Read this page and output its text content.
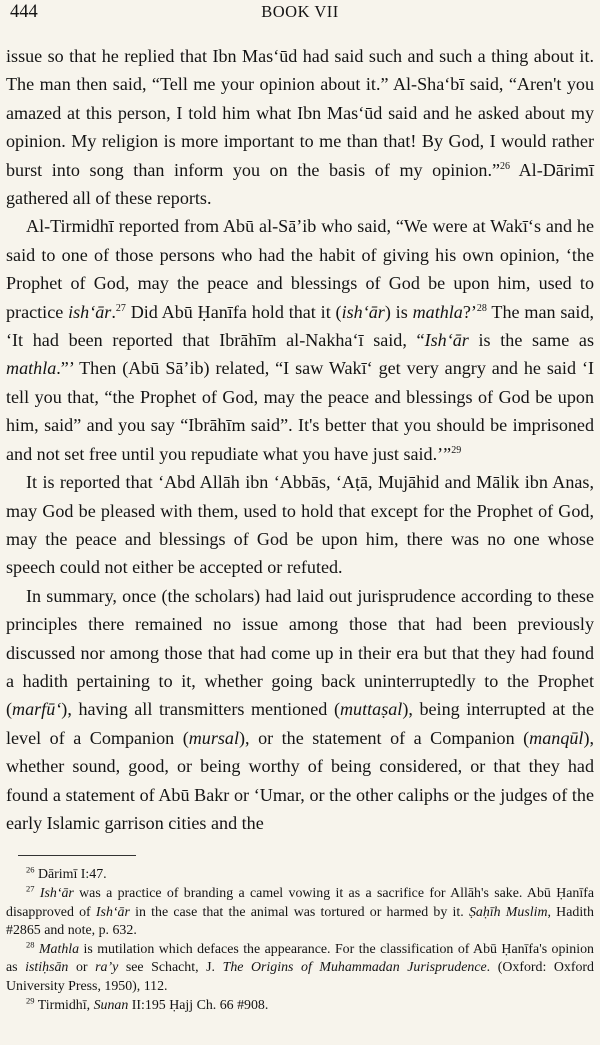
444	BOOK VII

issue so that he replied that Ibn Mas‘ūd had said such and such a thing about it. The man then said, “Tell me your opinion about it.” Al-Sha‘bī said, “Aren't you amazed at this person, I told him what Ibn Mas‘ūd said and he asked about my opinion. My religion is more important to me than that! By God, I would rather burst into song than inform you on the basis of my opinion.”$^{26}$ Al-Dārimī gathered all of these reports.

Al-Tirmidhī reported from Abū al-Sā’ib who said, “We were at Wakī‘s and he said to one of those persons who had the habit of giving his own opinion, ‘the Prophet of God, may the peace and blessings of God be upon him, used to practice ish‘ār.$^{27}$ Did Abū Ḥanīfa hold that it (ish‘ār) is mathla?’$^{28}$ The man said, ‘It had been reported that Ibrāhīm al-Nakha‘ī said, “Ish‘ār is the same as mathla.”’ Then (Abū Sā’ib) related, “I saw Wakī‘ get very angry and he said ‘I tell you that, “the Prophet of God, may the peace and blessings of God be upon him, said” and you say “Ibrāhīm said”. It's better that you should be imprisoned and not set free until you repudiate what you have just said.’”$^{29}$

It is reported that ‘Abd Allāh ibn ‘Abbās, ‘Aṭā, Mujāhid and Mālik ibn Anas, may God be pleased with them, used to hold that except for the Prophet of God, may the peace and blessings of God be upon him, there was no one whose speech could not either be accepted or refuted.

In summary, once (the scholars) had laid out jurisprudence according to these principles there remained no issue among those that had been previously discussed nor among those that had come up in their era but that they had found a hadith pertaining to it, whether going back uninterruptedly to the Prophet (marfū‘), having all transmitters mentioned (muttaṣal), being interrupted at the level of a Companion (mursal), or the statement of a Companion (manqūl), whether sound, good, or being worthy of being considered, or that they had found a statement of Abū Bakr or ‘Umar, or the other caliphs or the judges of the early Islamic garrison cities and the

$^{26}$ Dārimī I:47.

$^{27}$ Ish‘ār was a practice of branding a camel vowing it as a sacrifice for Allāh's sake. Abū Ḥanīfa disapproved of Ish‘ār in the case that the animal was tortured or harmed by it. Ṣaḥīh Muslim, Hadith #2865 and note, p. 632.

$^{28}$ Mathla is mutilation which defaces the appearance. For the classification of Abū Ḥanīfa's opinion as istiḥsān or ra’y see Schacht, J. The Origins of Muhammadan Jurisprudence. (Oxford: Oxford University Press, 1950), 112.

$^{29}$ Tirmidhī, Sunan II:195 Ḥajj Ch. 66 #908.
